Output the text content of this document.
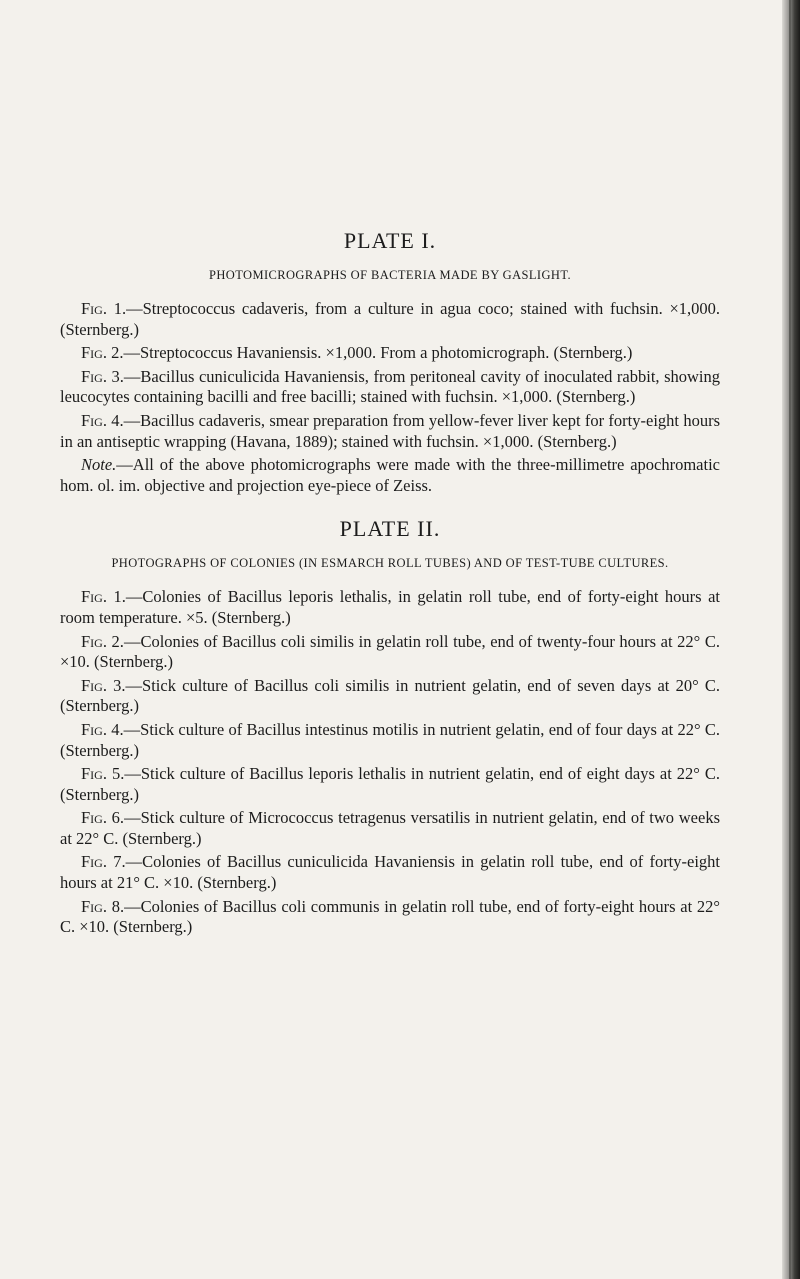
PLATE I.
PHOTOMICROGRAPHS OF BACTERIA MADE BY GASLIGHT.

Fig. 1.—Streptococcus cadaveris, from a culture in agua coco; stained with fuchsin. ×1,000. (Sternberg.)

Fig. 2.—Streptococcus Havaniensis. ×1,000. From a photomicrograph. (Sternberg.)

Fig. 3.—Bacillus cuniculicida Havaniensis, from peritoneal cavity of inoculated rabbit, showing leucocytes containing bacilli and free bacilli; stained with fuchsin. ×1,000. (Sternberg.)

Fig. 4.—Bacillus cadaveris, smear preparation from yellow-fever liver kept for forty-eight hours in an antiseptic wrapping (Havana, 1889); stained with fuchsin. ×1,000. (Sternberg.)

Note.—All of the above photomicrographs were made with the three-millimetre apochromatic hom. ol. im. objective and projection eye-piece of Zeiss.

PLATE II.
PHOTOGRAPHS OF COLONIES (IN ESMARCH ROLL TUBES) AND OF TEST-TUBE CULTURES.

Fig. 1.—Colonies of Bacillus leporis lethalis, in gelatin roll tube, end of forty-eight hours at room temperature. ×5. (Sternberg.)

Fig. 2.—Colonies of Bacillus coli similis in gelatin roll tube, end of twenty-four hours at 22° C. ×10. (Sternberg.)

Fig. 3.—Stick culture of Bacillus coli similis in nutrient gelatin, end of seven days at 20° C. (Sternberg.)

Fig. 4.—Stick culture of Bacillus intestinus motilis in nutrient gelatin, end of four days at 22° C. (Sternberg.)

Fig. 5.—Stick culture of Bacillus leporis lethalis in nutrient gelatin, end of eight days at 22° C. (Sternberg.)

Fig. 6.—Stick culture of Micrococcus tetragenus versatilis in nutrient gelatin, end of two weeks at 22° C. (Sternberg.)

Fig. 7.—Colonies of Bacillus cuniculicida Havaniensis in gelatin roll tube, end of forty-eight hours at 21° C. ×10. (Sternberg.)

Fig. 8.—Colonies of Bacillus coli communis in gelatin roll tube, end of forty-eight hours at 22° C. ×10. (Sternberg.)
